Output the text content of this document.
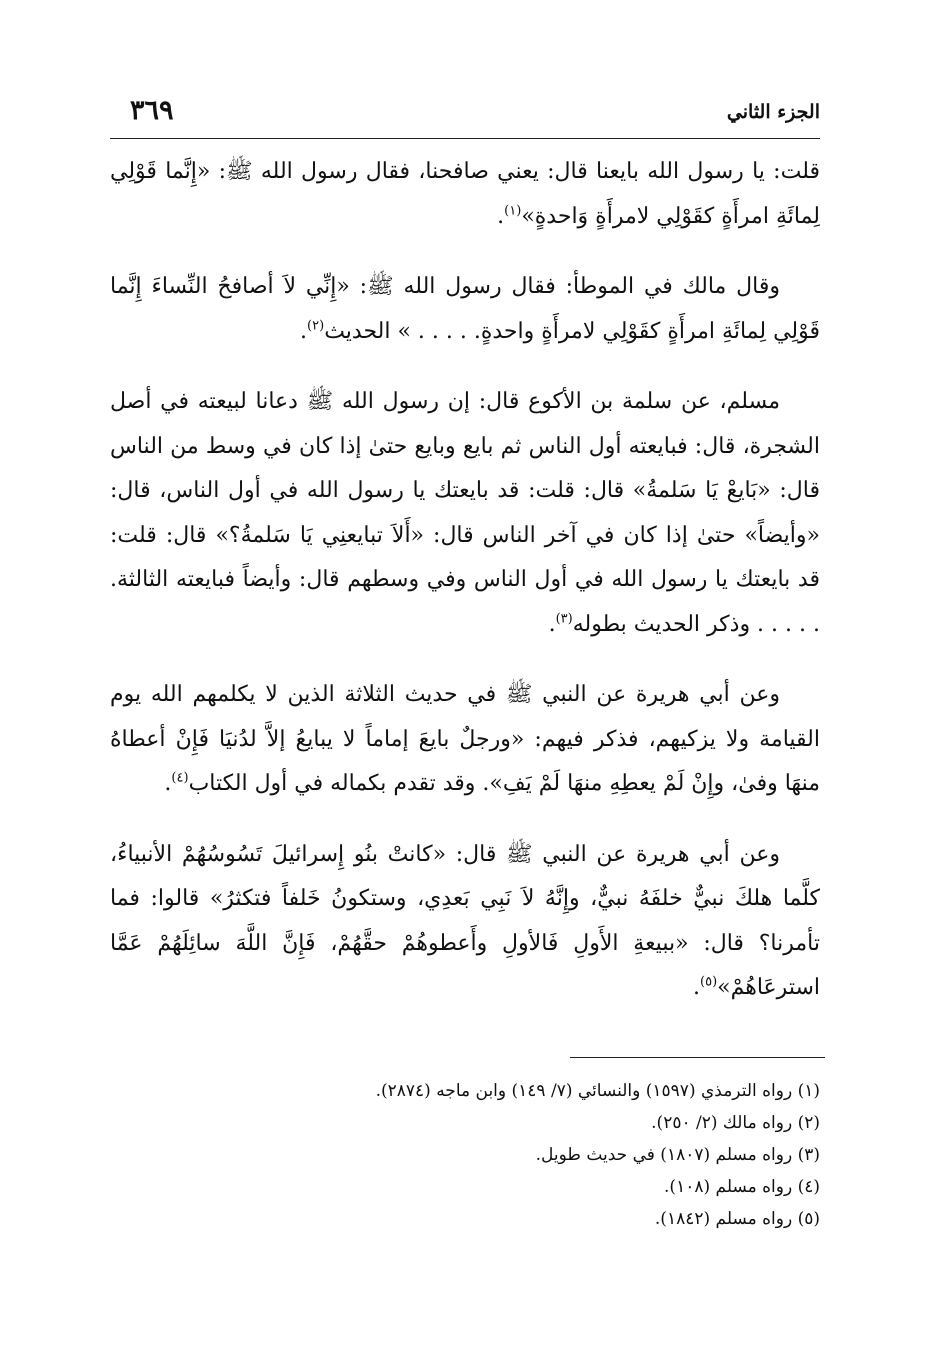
الجزء الثاني
٣٦٩

قلت: يا رسول الله بايعنا قال: يعني صافحنا، فقال رسول الله ﷺ: «إِنَّما قَوْلِي لِمائَةِ امرأَةٍ كقَوْلِي لامرأَةٍ وَاحدةٍ»$^{(١)}$.

وقال مالك في الموطأ: فقال رسول الله ﷺ: «إِنِّي لاَ أصافحُ النِّساءَ إِنَّما قَوْلِي لِمائَةِ امرأَةٍ كقَوْلِي لامرأَةٍ واحدةٍ. . . . . » الحديث$^{(٢)}$.

مسلم، عن سلمة بن الأكوع قال: إن رسول الله ﷺ دعانا لبيعته في أصل الشجرة، قال: فبايعته أول الناس ثم بايع وبايع حتىٰ إذا كان في وسط من الناس قال: «بَايعْ يَا سَلمةُ» قال: قلت: قد بايعتك يا رسول الله في أول الناس، قال: «وأيضاً» حتىٰ إذا كان في آخر الناس قال: «أَلاَ تبايعنِي يَا سَلمةُ؟» قال: قلت: قد بايعتك يا رسول الله في أول الناس وفي وسطهم قال: وأيضاً فبايعته الثالثة. . . . . . وذكر الحديث بطوله$^{(٣)}$.

وعن أبي هريرة عن النبي ﷺ في حديث الثلاثة الذين لا يكلمهم الله يوم القيامة ولا يزكيهم، فذكر فيهم: «ورجلٌ بايعَ إماماً لا يبايعُ إلاَّ لدُنيَا فَإِنْ أعطاهُ منهَا وفىٰ، وإِنْ لَمْ يعطِهِ منهَا لَمْ يَفِ». وقد تقدم بكماله في أول الكتاب$^{(٤)}$.

وعن أبي هريرة عن النبي ﷺ قال: «كانتْ بنُو إِسرائيلَ تَسُوسُهُمْ الأنبياءُ، كلَّما هلكَ نبيٌّ خلفَهُ نبيٌّ، وإِنَّهُ لاَ نَبِي بَعدِي، وستكونُ خَلفاً فتكثرُ» قالوا: فما تأمرنا؟ قال: «ببيعةِ الأَولِ فَالأولِ وأَعطوهُمْ حقَّهُمْ، فَإِنَّ اللَّهَ سائِلَهُمْ عَمَّا استرعَاهُمْ»$^{(٥)}$.

(١) رواه الترمذي (١٥٩٧) والنسائي (٧/ ١٤٩) وابن ماجه (٢٨٧٤).

(٢) رواه مالك (٢/ ٢٥٠).

(٣) رواه مسلم (١٨٠٧) في حديث طويل.

(٤) رواه مسلم (١٠٨).

(٥) رواه مسلم (١٨٤٢).
